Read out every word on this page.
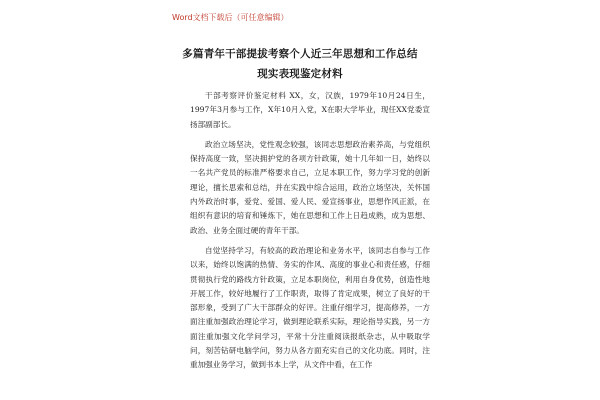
Word文档下载后（可任意编辑）
多篇青年干部提拔考察个人近三年思想和工作总结
现实表现鉴定材料

干部考察评价鉴定材料 XX，女，汉族，1979年10月24日生，1997年3月参与工作，X年10月入党，X在职大学毕业，现任XX党委宣扬部副部长。

政治立场坚决，党性观念较强，该同志思想政治素养高，与党组织保持高度一致，坚决拥护党的各项方针政策，她十几年如一日，始终以一名共产党员的标准严格要求自己，立足本职工作，努力学习党的创新理论，擅长思索和总结，并在实践中综合运用，政治立场坚决，关怀国内外政治时事，爱党、爱国、爱人民、爱宣扬事业，思想作风正派，在组织有意识的培育和锤炼下，她在思想和工作上日趋成熟，成为思想、政治、业务全面过硬的青年干部。

自觉坚持学习，有较高的政治理论和业务水平，该同志自参与工作以来，始终以饱满的热情、务实的作风、高度的事业心和责任感，仔细贯彻执行党的路线方针政策，立足本职岗位，利用自身优势，创造性地开展工作，较好地履行了工作职责，取得了肯定成果，树立了良好的干部形象，受到了广大干部群众的好评。注重仔细学习，提高修养，一方面注重加强政治理论学习，做到理论联系实际，理论指导实践，另一方面注重加强文化学问学习，平常十分注重阅读报纸杂志，从中吸取学问，刻苦钻研电脑学问，努力从各方面充实自己的文化功底。同时，注重加强业务学习，做到书本上学，从文件中看，在工作
